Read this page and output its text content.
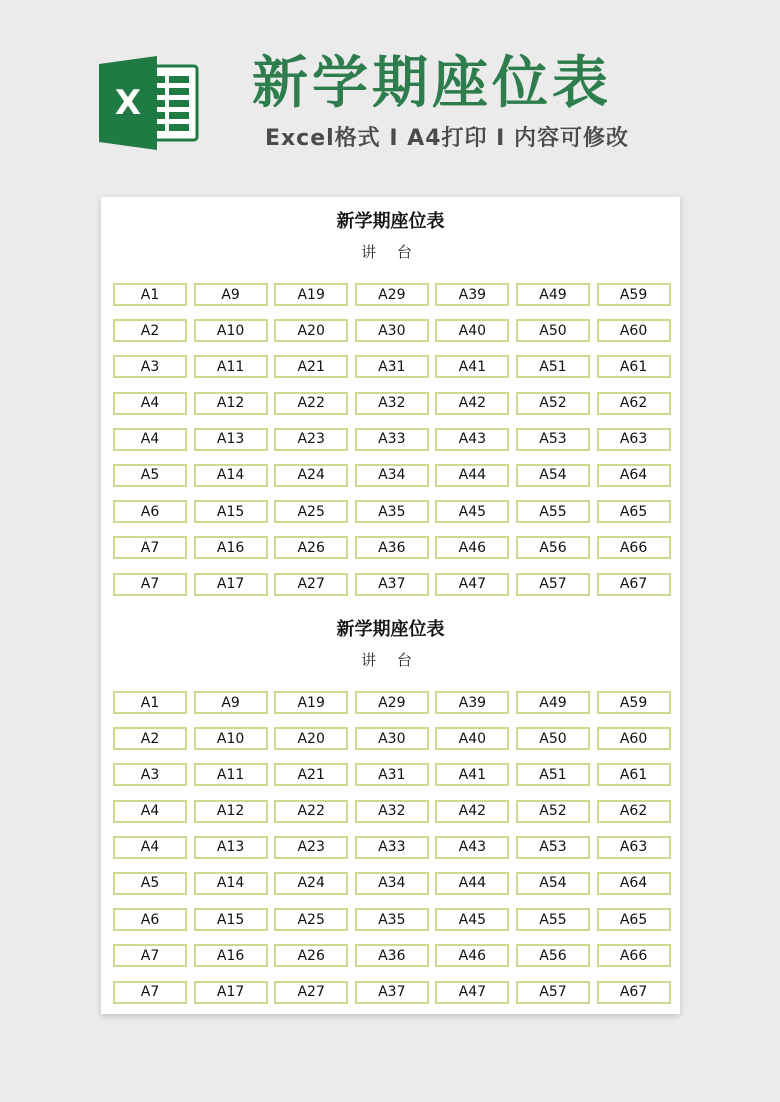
X	新学期座位表
Excel格式 Ⅰ A4打印 Ⅰ 内容可修改
新学期座位表
讲 台
A1	A9	A19	A29	A39	A49	A59
A2	A10	A20	A30	A40	A50	A60
A3	A11	A21	A31	A41	A51	A61
A4	A12	A22	A32	A42	A52	A62
A4	A13	A23	A33	A43	A53	A63
A5	A14	A24	A34	A44	A54	A64
A6	A15	A25	A35	A45	A55	A65
A7	A16	A26	A36	A46	A56	A66
A7	A17	A27	A37	A47	A57	A67
新学期座位表
讲 台
A1	A9	A19	A29	A39	A49	A59
A2	A10	A20	A30	A40	A50	A60
A3	A11	A21	A31	A41	A51	A61
A4	A12	A22	A32	A42	A52	A62
A4	A13	A23	A33	A43	A53	A63
A5	A14	A24	A34	A44	A54	A64
A6	A15	A25	A35	A45	A55	A65
A7	A16	A26	A36	A46	A56	A66
A7	A17	A27	A37	A47	A57	A67
